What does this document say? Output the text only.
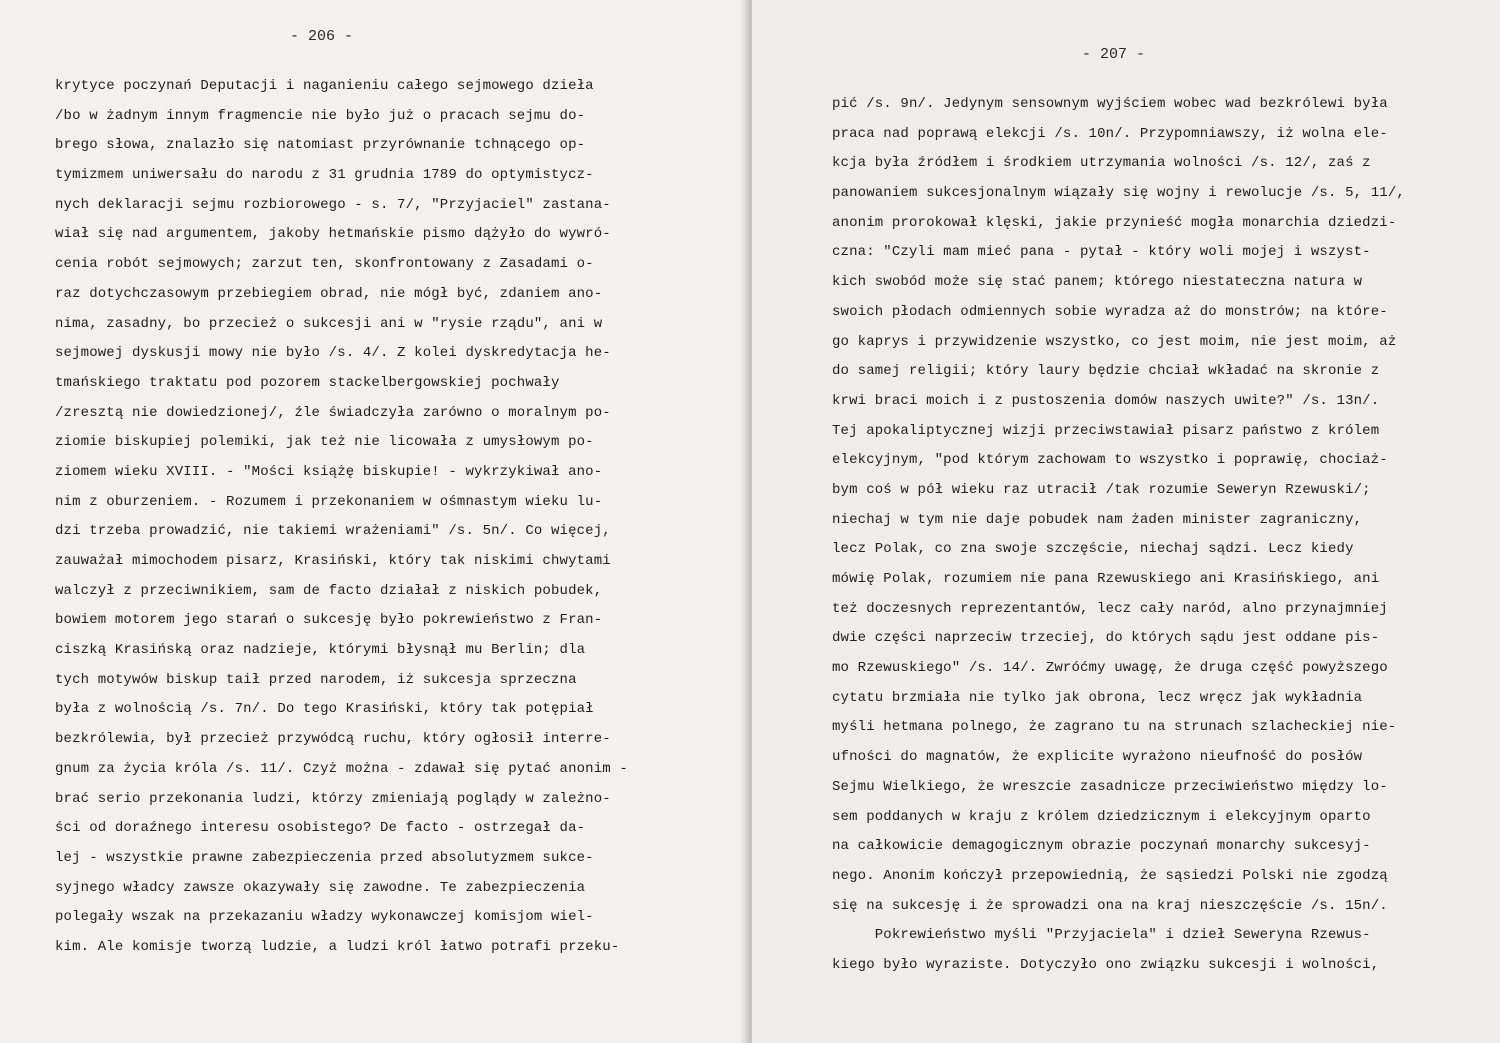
- 206 -
krytyce poczynań Deputacji i naganieniu całego sejmowego dzieła
/bo w żadnym innym fragmencie nie było już o pracach sejmu do-
brego słowa, znalazło się natomiast przyrównanie tchnącego op-
tymizmem uniwersału do narodu z 31 grudnia 1789 do optymistycz-
nych deklaracji sejmu rozbiorowego - s. 7/, "Przyjaciel" zastana-
wiał się nad argumentem, jakoby hetmańskie pismo dążyło do wywró-
cenia robót sejmowych; zarzut ten, skonfrontowany z Zasadami o-
raz dotychczasowym przebiegiem obrad, nie mógł być, zdaniem ano-
nima, zasadny, bo przecież o sukcesji ani w "rysie rządu", ani w
sejmowej dyskusji mowy nie było /s. 4/. Z kolei dyskredytacja he-
tmańskiego traktatu pod pozorem stackelbergowskiej pochwały
/zresztą nie dowiedzionej/, źle świadczyła zarówno o moralnym po-
ziomie biskupiej polemiki, jak też nie licowała z umysłowym po-
ziomem wieku XVIII. - "Mości książę biskupie! - wykrzykiwał ano-
nim z oburzeniem. - Rozumem i przekonaniem w ośmnastym wieku lu-
dzi trzeba prowadzić, nie takiemi wrażeniami" /s. 5n/. Co więcej,
zauważał mimochodem pisarz, Krasiński, który tak niskimi chwytami
walczył z przeciwnikiem, sam de facto działał z niskich pobudek,
bowiem motorem jego starań o sukcesję było pokrewieństwo z Fran-
ciszką Krasińską oraz nadzieje, którymi błysnął mu Berlin; dla
tych motywów biskup taił przed narodem, iż sukcesja sprzeczna
była z wolnością /s. 7n/. Do tego Krasiński, który tak potępiał
bezkrólewia, był przecież przywódcą ruchu, który ogłosił interre-
gnum za życia króla /s. 11/. Czyż można - zdawał się pytać anonim -
brać serio przekonania ludzi, którzy zmieniają poglądy w zależno-
ści od doraźnego interesu osobistego? De facto - ostrzegał da-
lej - wszystkie prawne zabezpieczenia przed absolutyzmem sukce-
syjnego władcy zawsze okazywały się zawodne. Te zabezpieczenia
polegały wszak na przekazaniu władzy wykonawczej komisjom wiel-
kim. Ale komisje tworzą ludzie, a ludzi król łatwo potrafi przeku-
- 207 -
pić /s. 9n/. Jedynym sensownym wyjściem wobec wad bezkrólewi była
praca nad poprawą elekcji /s. 10n/. Przypomniawszy, iż wolna ele-
kcja była źródłem i środkiem utrzymania wolności /s. 12/, zaś z
panowaniem sukcesjonalnym wiązały się wojny i rewolucje /s. 5, 11/,
anonim prorokował klęski, jakie przynieść mogła monarchia dziedzi-
czna: "Czyli mam mieć pana - pytał - który woli mojej i wszyst-
kich swobód może się stać panem; którego niestateczna natura w
swoich płodach odmiennych sobie wyradza aż do monstrów; na które-
go kaprys i przywidzenie wszystko, co jest moim, nie jest moim, aż
do samej religii; który laury będzie chciał wkładać na skronie z
krwi braci moich i z pustoszenia domów naszych uwite?" /s. 13n/.
Tej apokaliptycznej wizji przeciwstawiał pisarz państwo z królem
elekcyjnym, "pod którym zachowam to wszystko i poprawię, chociaż-
bym coś w pół wieku raz utracił /tak rozumie Seweryn Rzewuski/;
niechaj w tym nie daje pobudek nam żaden minister zagraniczny,
lecz Polak, co zna swoje szczęście, niechaj sądzi. Lecz kiedy
mówię Polak, rozumiem nie pana Rzewuskiego ani Krasińskiego, ani
też doczesnych reprezentantów, lecz cały naród, alno przynajmniej
dwie części naprzeciw trzeciej, do których sądu jest oddane pis-
mo Rzewuskiego" /s. 14/. Zwróćmy uwagę, że druga część powyższego
cytatu brzmiała nie tylko jak obrona, lecz wręcz jak wykładnia
myśli hetmana polnego, że zagrano tu na strunach szlacheckiej nie-
ufności do magnatów, że explicite wyrażono nieufność do posłów
Sejmu Wielkiego, że wreszcie zasadnicze przeciwieństwo między lo-
sem poddanych w kraju z królem dziedzicznym i elekcyjnym oparto
na całkowicie demagogicznym obrazie poczynań monarchy sukcesyj-
nego. Anonim kończył przepowiednią, że sąsiedzi Polski nie zgodzą
się na sukcesję i że sprowadzi ona na kraj nieszczęście /s. 15n/.
Pokrewieństwo myśli "Przyjaciela" i dzieł Seweryna Rzewus-
kiego było wyraziste. Dotyczyło ono związku sukcesji i wolności,
